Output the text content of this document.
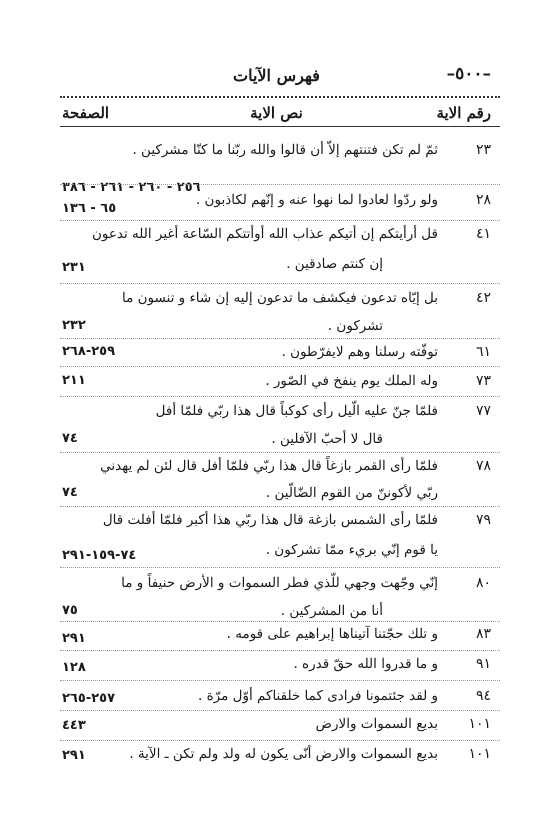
–٥٠٠–
فهرس الآيات
رقم الاية
نص الاية
الصفحة
٢٣
ثمّ لم تكن فتنتهم إلاّ أن قالوا والله ربّنا ما كنّا مشركين .
٢٥٦ - ٢٦٠ - ٢٦١ - ٣٨٦
٢٨
ولو ردّوا لعادوا لما نهوا عنه و إنّهم لكاذبون .
٦٥ - ١٣٦
٤١
قل أرأيتكم إن أتيكم عذاب الله أوأتتكم السّاعة أغير الله تدعون
إن كنتم صادقين .
٢٣١
٤٢
بل إيّاه تدعون فيكشف ما تدعون إليه إن شاء و تنسون ما
تشركون .
٢٣٢
٦١
توفّته رسلنا وهم لايفرّطون .
٢٥٩-٢٦٨
٧٣
وله الملك يوم ينفخ في الصّور .
٢١١
٧٧
فلمّا جنّ عليه الّيل رأى كوكباً قال هذا ربّي فلمّا أفل
قال لا أحبّ الآفلين .
٧٤
٧٨
فلمّا رأى القمر بازغاً قال هذا ربّي فلمّا أفل قال لئن لم يهدني
ربّي لأكوننّ من القوم الضّالّين .
٧٤
٧٩
فلمّا رأى الشمس بازغة قال هذا ربّي هذا أكبر فلمّا أفلت قال
يا قوم إنّي بريء ممّا تشركون .
٧٤-١٥٩-٢٩١
٨٠
إنّي وجّهت وجهي للّذي فطر السموات و الأرض حنيفاً و ما
أنا من المشركين .
٧٥
٨٣
و تلك حجّتنا آتيناها إبراهيم على قومه .
٢٩١
٩١
و ما قدروا الله حقّ قدره .
١٢٨
٩٤
و لقد جئتمونا فرادى كما خلقناكم أوّل مرّة .
٢٥٧-٢٦٥
١٠١
بديع السموات والارض
٤٤٣
١٠١
بديع السموات والارض أنّى يكون له ولد ولم تكن ـ الآية .
٢٩١
